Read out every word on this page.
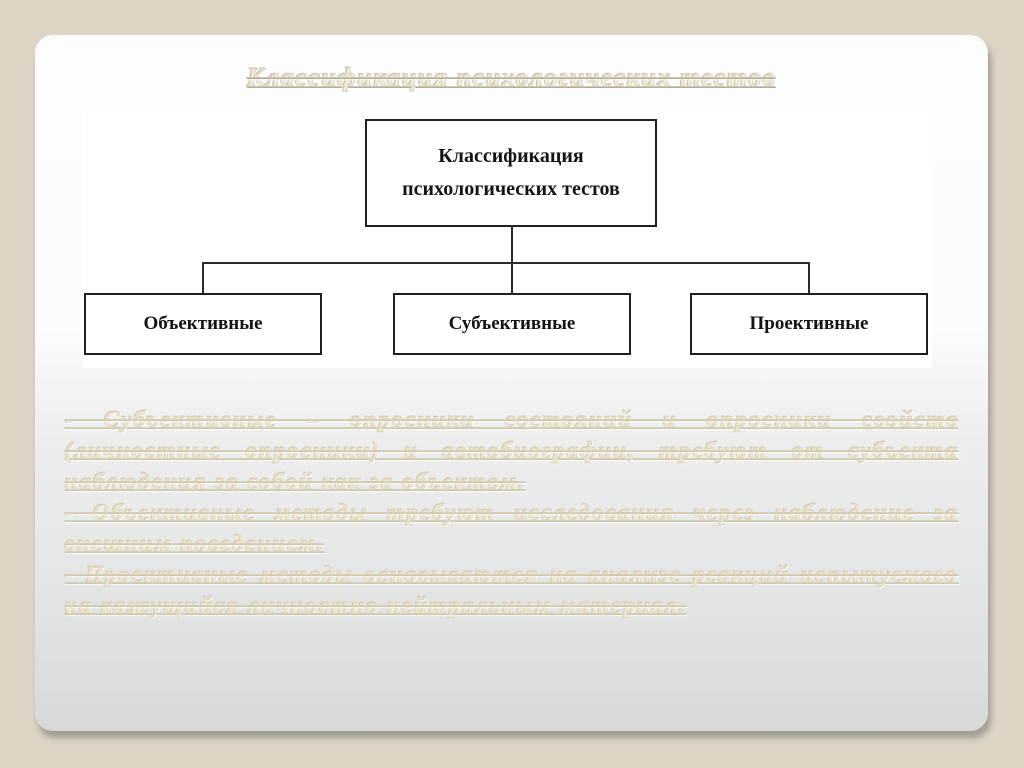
Классификация психологических тестов
Классификация психологических тестов
Объективные	Субъективные	Проективные

- Субъективные – опросники состояний и опросники свойств (личностные опросники) и автобиографии, требуют от субъекта наблюдения за собой как за объектом.

- Объективные методы требуют исследования через наблюдение за внешним поведением.

- Проективные методы основываются на анализе реакций испытуемого на кажущийся личностно нейтральным материал.
